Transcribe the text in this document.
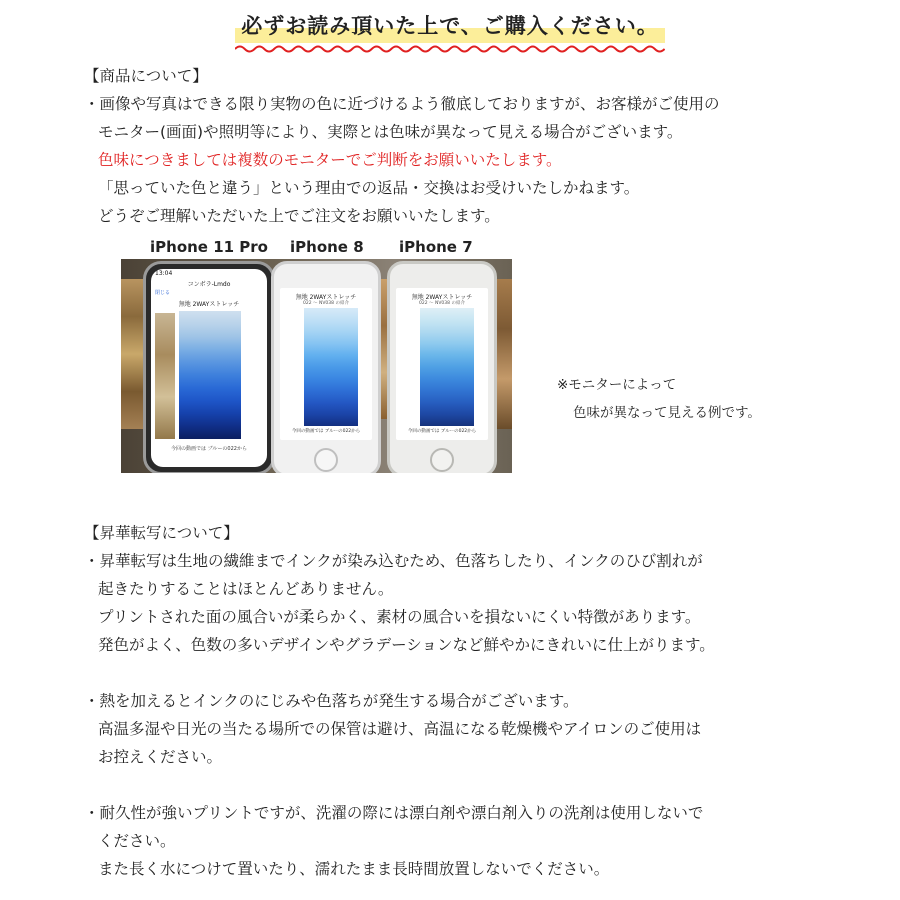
必ずお読み頂いた上で、ご購入ください。
【商品について】
・画像や写真はできる限り実物の色に近づけるよう徹底しておりますが、お客様がご使用の
モニター(画面)や照明等により、実際とは色味が異なって見える場合がございます。
色味につきましては複数のモニターでご判断をお願いいたします。
「思っていた色と違う」という理由での返品・交換はお受けいたしかねます。
どうぞご理解いただいた上でご注文をお願いいたします。
iPhone 11 Pro iPhone 8 iPhone 7
13:04
コンボラ-Lmdo
閉じる
無地 2WAYストレッチ
今回の動画では ブルーの022から
無地 2WAYストレッチ
022 ～ NV038 の紹介
今回の動画では ブルーの022から
無地 2WAYストレッチ
022 ～ NV038 の紹介
今回の動画では ブルーの022から
※モニターによって
色味が異なって見える例です。
【昇華転写について】
・昇華転写は生地の繊維までインクが染み込むため、色落ちしたり、インクのひび割れが
起きたりすることはほとんどありません。
プリントされた面の風合いが柔らかく、素材の風合いを損ないにくい特徴があります。
発色がよく、色数の多いデザインやグラデーションなど鮮やかにきれいに仕上がります。
・熱を加えるとインクのにじみや色落ちが発生する場合がございます。
高温多湿や日光の当たる場所での保管は避け、高温になる乾燥機やアイロンのご使用は
お控えください。
・耐久性が強いプリントですが、洗濯の際には漂白剤や漂白剤入りの洗剤は使用しないで
ください。
また長く水につけて置いたり、濡れたまま長時間放置しないでください。
